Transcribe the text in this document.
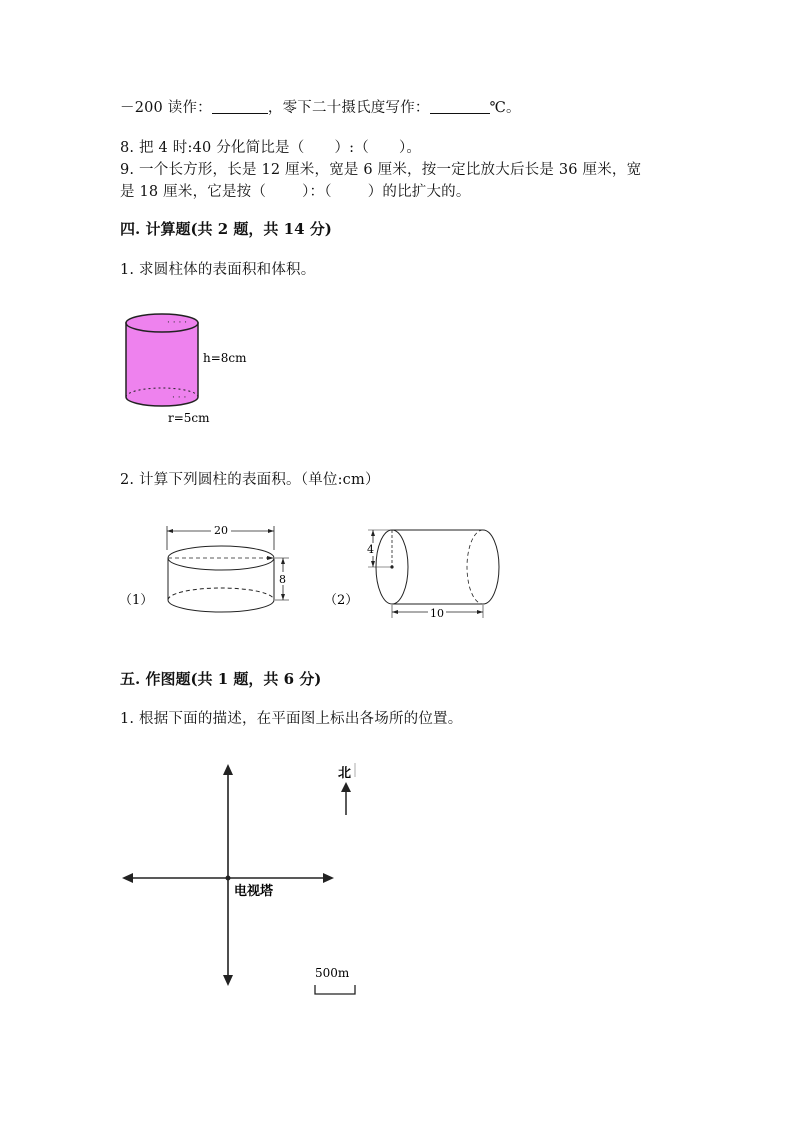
－200 读作：	，零下二十摄氏度写作：	℃。
8. 把 4 时:40 分化简比是（ ）:（ ）。
9. 一个长方形，长是 12 厘米，宽是 6 厘米，按一定比放大后长是 36 厘米，宽
是 18 厘米，它是按（ ）：（ ）的比扩大的。
四. 计算题(共 2 题，共 14 分)
1. 求圆柱体的表面积和体积。
· · · ·
· · ·
h=8cm
r=5cm
2. 计算下列圆柱的表面积。（单位:cm）
（1）
20
8
（2）
4
10
五. 作图题(共 1 题，共 6 分)
1. 根据下面的描述，在平面图上标出各场所的位置。
电视塔
北
500m
